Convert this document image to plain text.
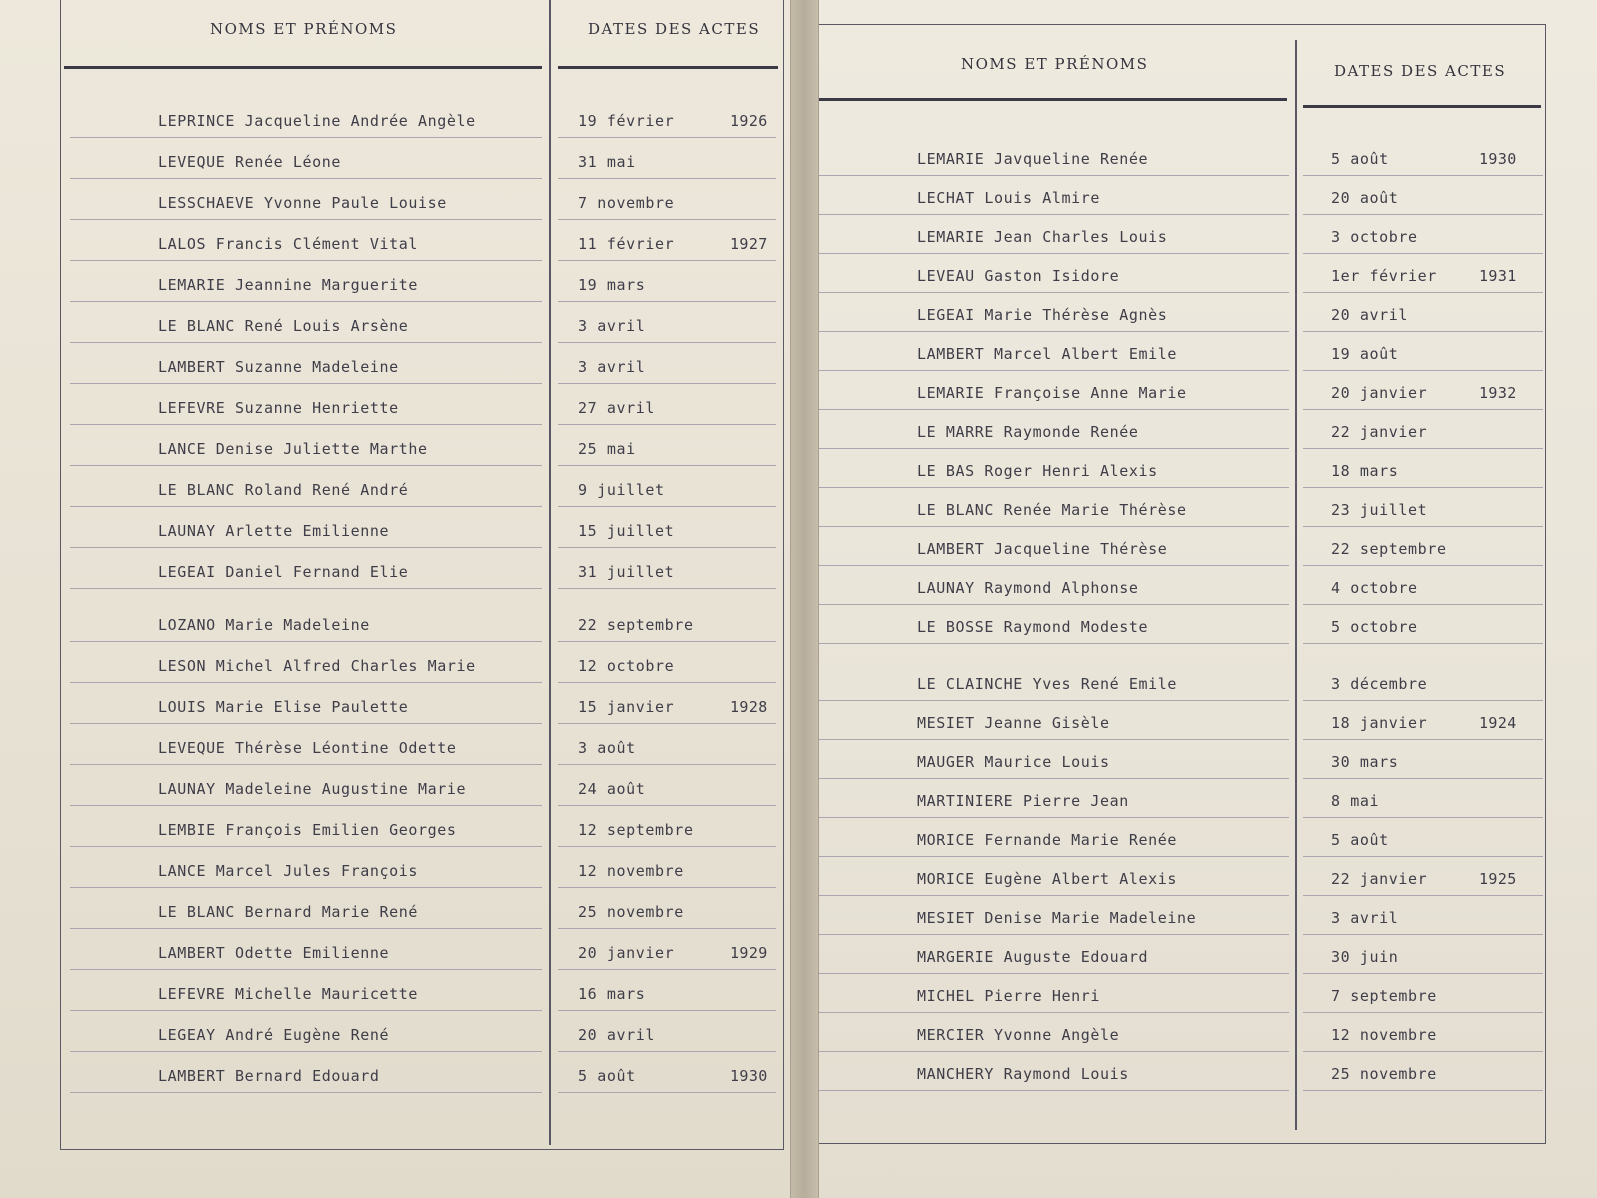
NOMS ET PRÉNOMS	DATES DES ACTES
LEPRINCE Jacqueline Andrée Angèle	19 février	1926
LEVEQUE Renée Léone	31 mai
LESSCHAEVE Yvonne Paule Louise	7 novembre
LALOS Francis Clément Vital	11 février	1927
LEMARIE Jeannine Marguerite	19 mars
LE BLANC René Louis Arsène	3 avril
LAMBERT Suzanne Madeleine	3 avril
LEFEVRE Suzanne Henriette	27 avril
LANCE Denise Juliette Marthe	25 mai
LE BLANC Roland René André	9 juillet
LAUNAY Arlette Emilienne	15 juillet
LEGEAI Daniel Fernand Elie	31 juillet
LOZANO Marie Madeleine	22 septembre
LESON Michel Alfred Charles Marie	12 octobre
LOUIS Marie Elise Paulette	15 janvier	1928
LEVEQUE Thérèse Léontine Odette	3 août
LAUNAY Madeleine Augustine Marie	24 août
LEMBIE François Emilien Georges	12 septembre
LANCE Marcel Jules François	12 novembre
LE BLANC Bernard Marie René	25 novembre
LAMBERT Odette Emilienne	20 janvier	1929
LEFEVRE Michelle Mauricette	16 mars
LEGEAY André Eugène René	20 avril
LAMBERT Bernard Edouard	5 août	1930
NOMS ET PRÉNOMS	DATES DES ACTES
LEMARIE Javqueline Renée	5 août	1930
LECHAT Louis Almire	20 août
LEMARIE Jean Charles Louis	3 octobre
LEVEAU Gaston Isidore	1er février	1931
LEGEAI Marie Thérèse Agnès	20 avril
LAMBERT Marcel Albert Emile	19 août
LEMARIE Françoise Anne Marie	20 janvier	1932
LE MARRE Raymonde Renée	22 janvier
LE BAS Roger Henri Alexis	18 mars
LE BLANC Renée Marie Thérèse	23 juillet
LAMBERT Jacqueline Thérèse	22 septembre
LAUNAY Raymond Alphonse	4 octobre
LE BOSSE Raymond Modeste	5 octobre
LE CLAINCHE Yves René Emile	3 décembre
MESIET Jeanne Gisèle	18 janvier	1924
MAUGER Maurice Louis	30 mars
MARTINIERE Pierre Jean	8 mai
MORICE Fernande Marie Renée	5 août
MORICE Eugène Albert Alexis	22 janvier	1925
MESIET Denise Marie Madeleine	3 avril
MARGERIE Auguste Edouard	30 juin
MICHEL Pierre Henri	7 septembre
MERCIER Yvonne Angèle	12 novembre
MANCHERY Raymond Louis	25 novembre
